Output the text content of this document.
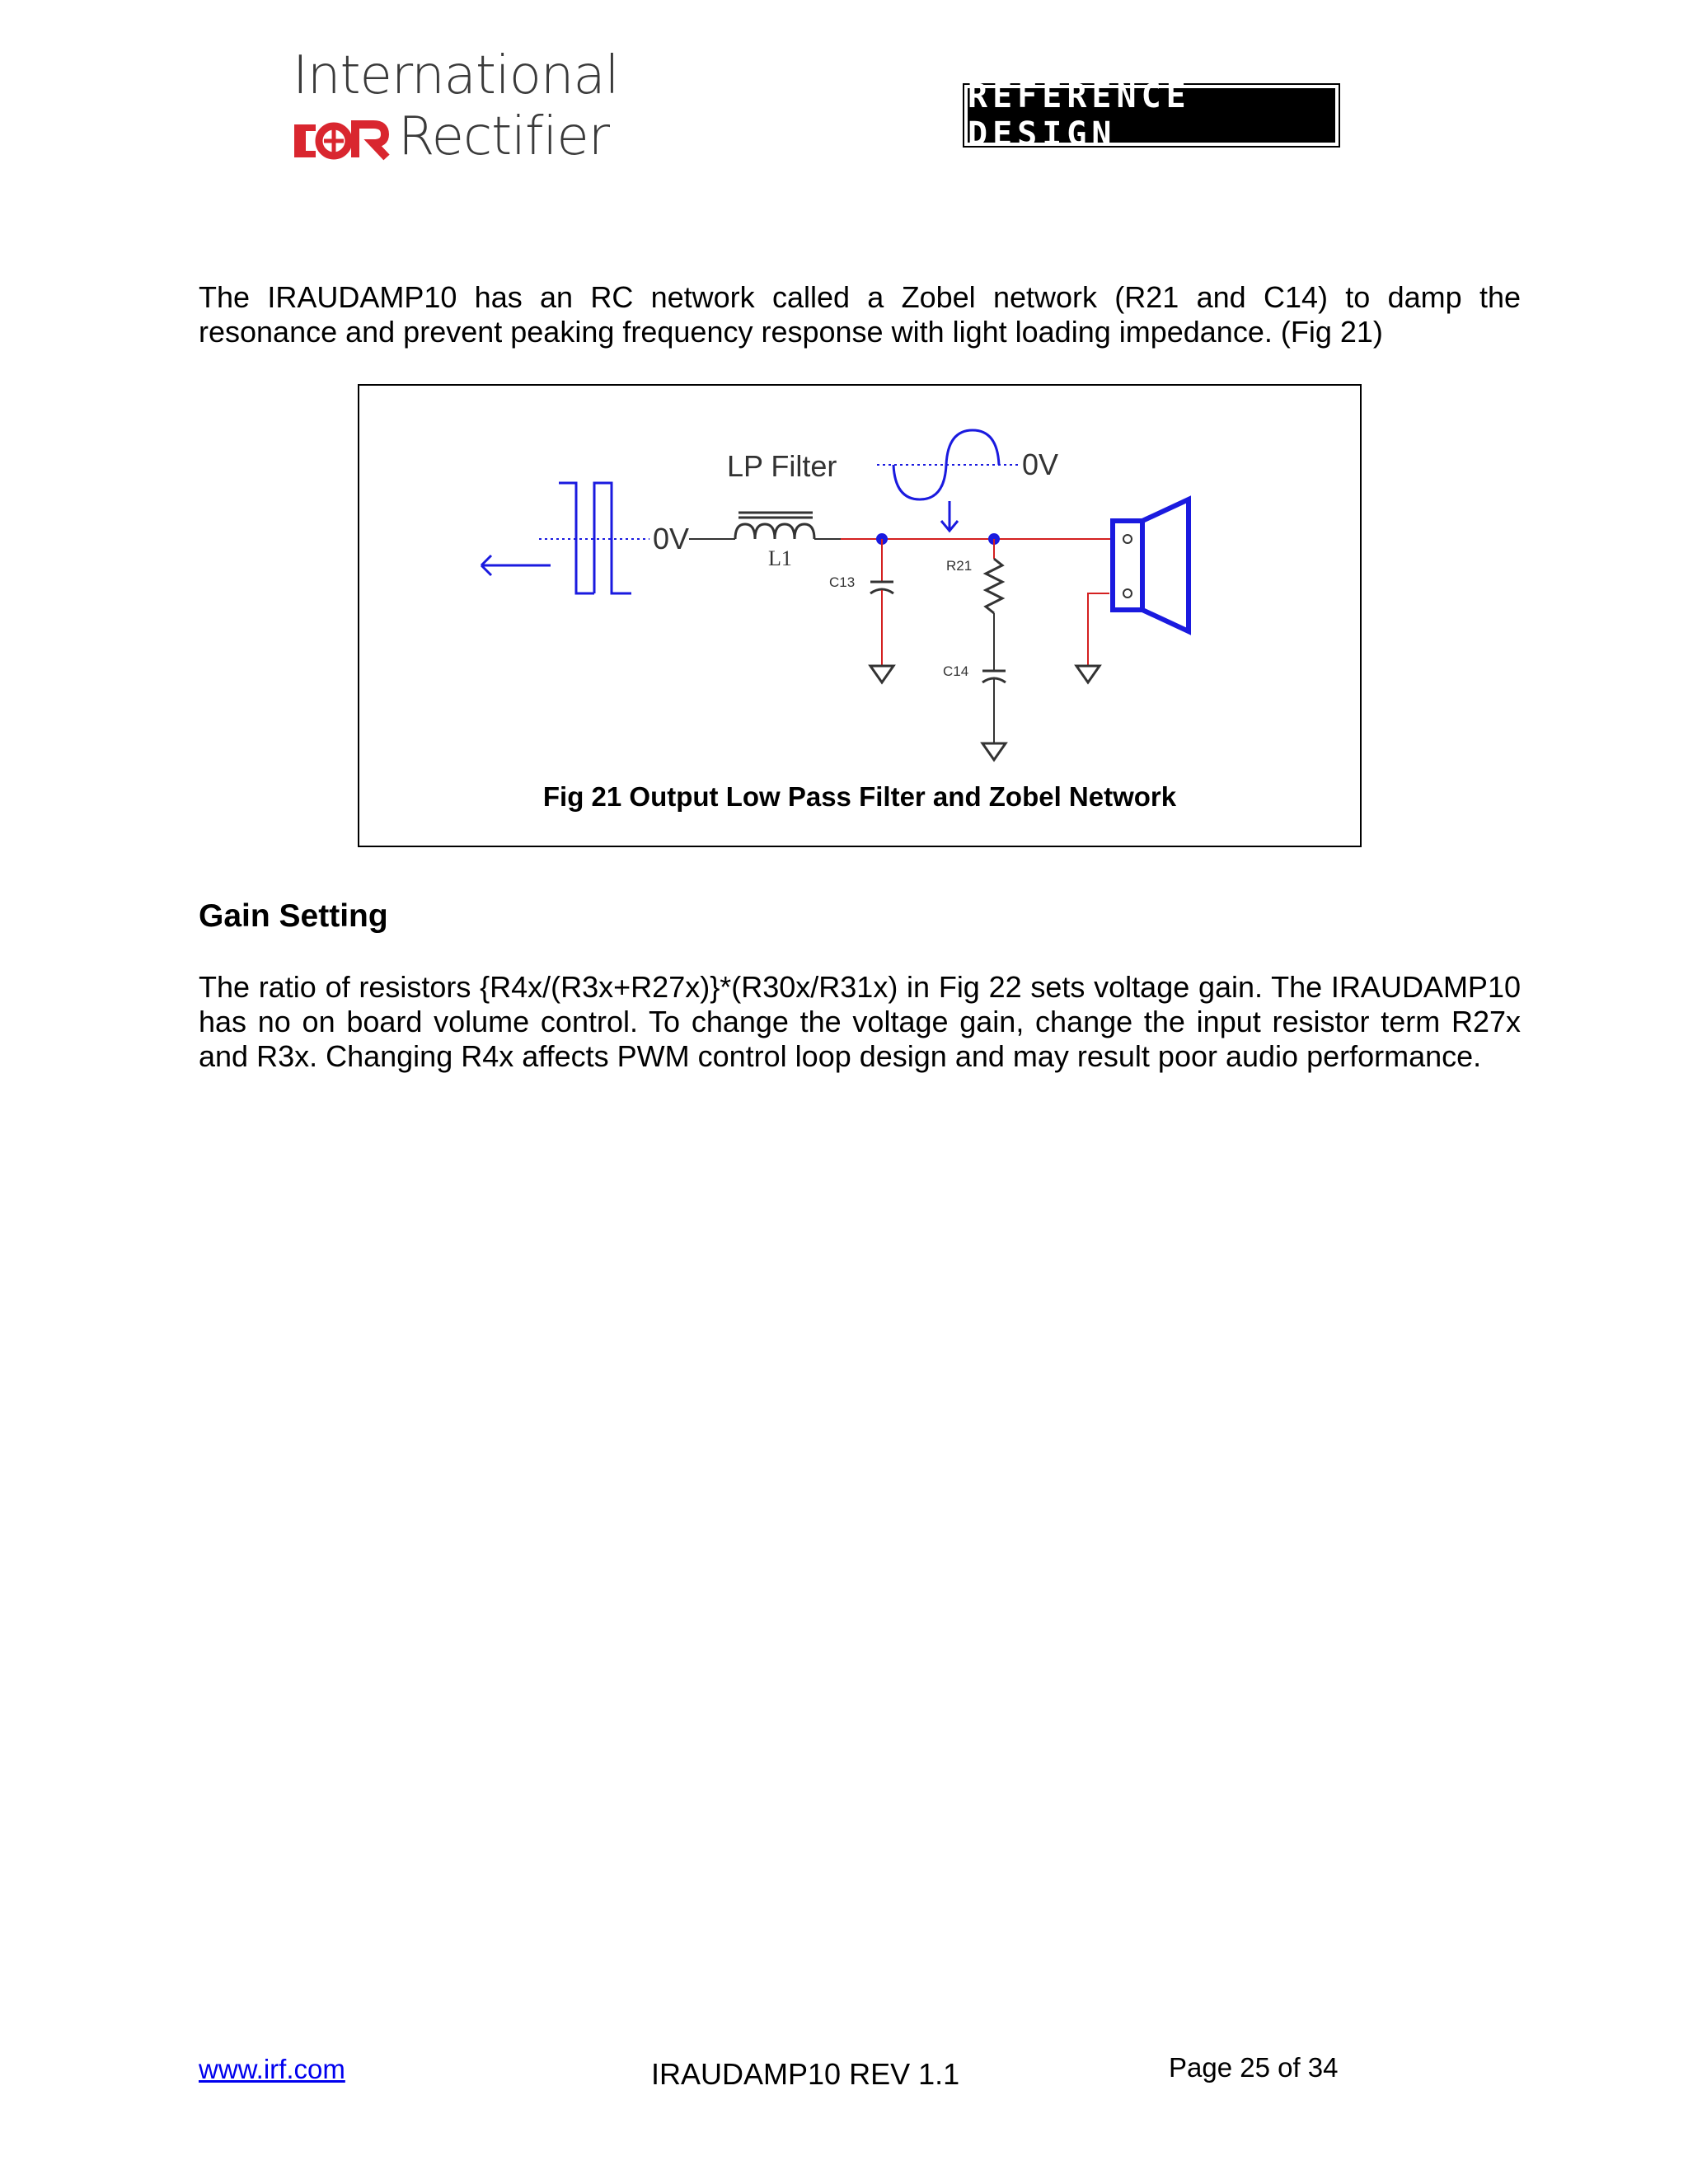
International
Rectifier
REFERENCE DESIGN
The IRAUDAMP10 has an RC network called a Zobel network (R21 and C14) to damp the resonance and prevent peaking frequency response with light loading impedance. (Fig 21)
0V
L1
LP Filter	0V
C13
R21
C14
Fig 21 Output Low Pass Filter and Zobel Network
Gain Setting
The ratio of resistors {R4x/(R3x+R27x)}*(R30x/R31x) in Fig 22 sets voltage gain. The IRAUDAMP10 has no on board volume control. To change the voltage gain, change the input resistor term R27x and R3x. Changing R4x affects PWM control loop design and may result poor audio performance.
www.irf.com	IRAUDAMP10 REV 1.1	Page 25 of 34
